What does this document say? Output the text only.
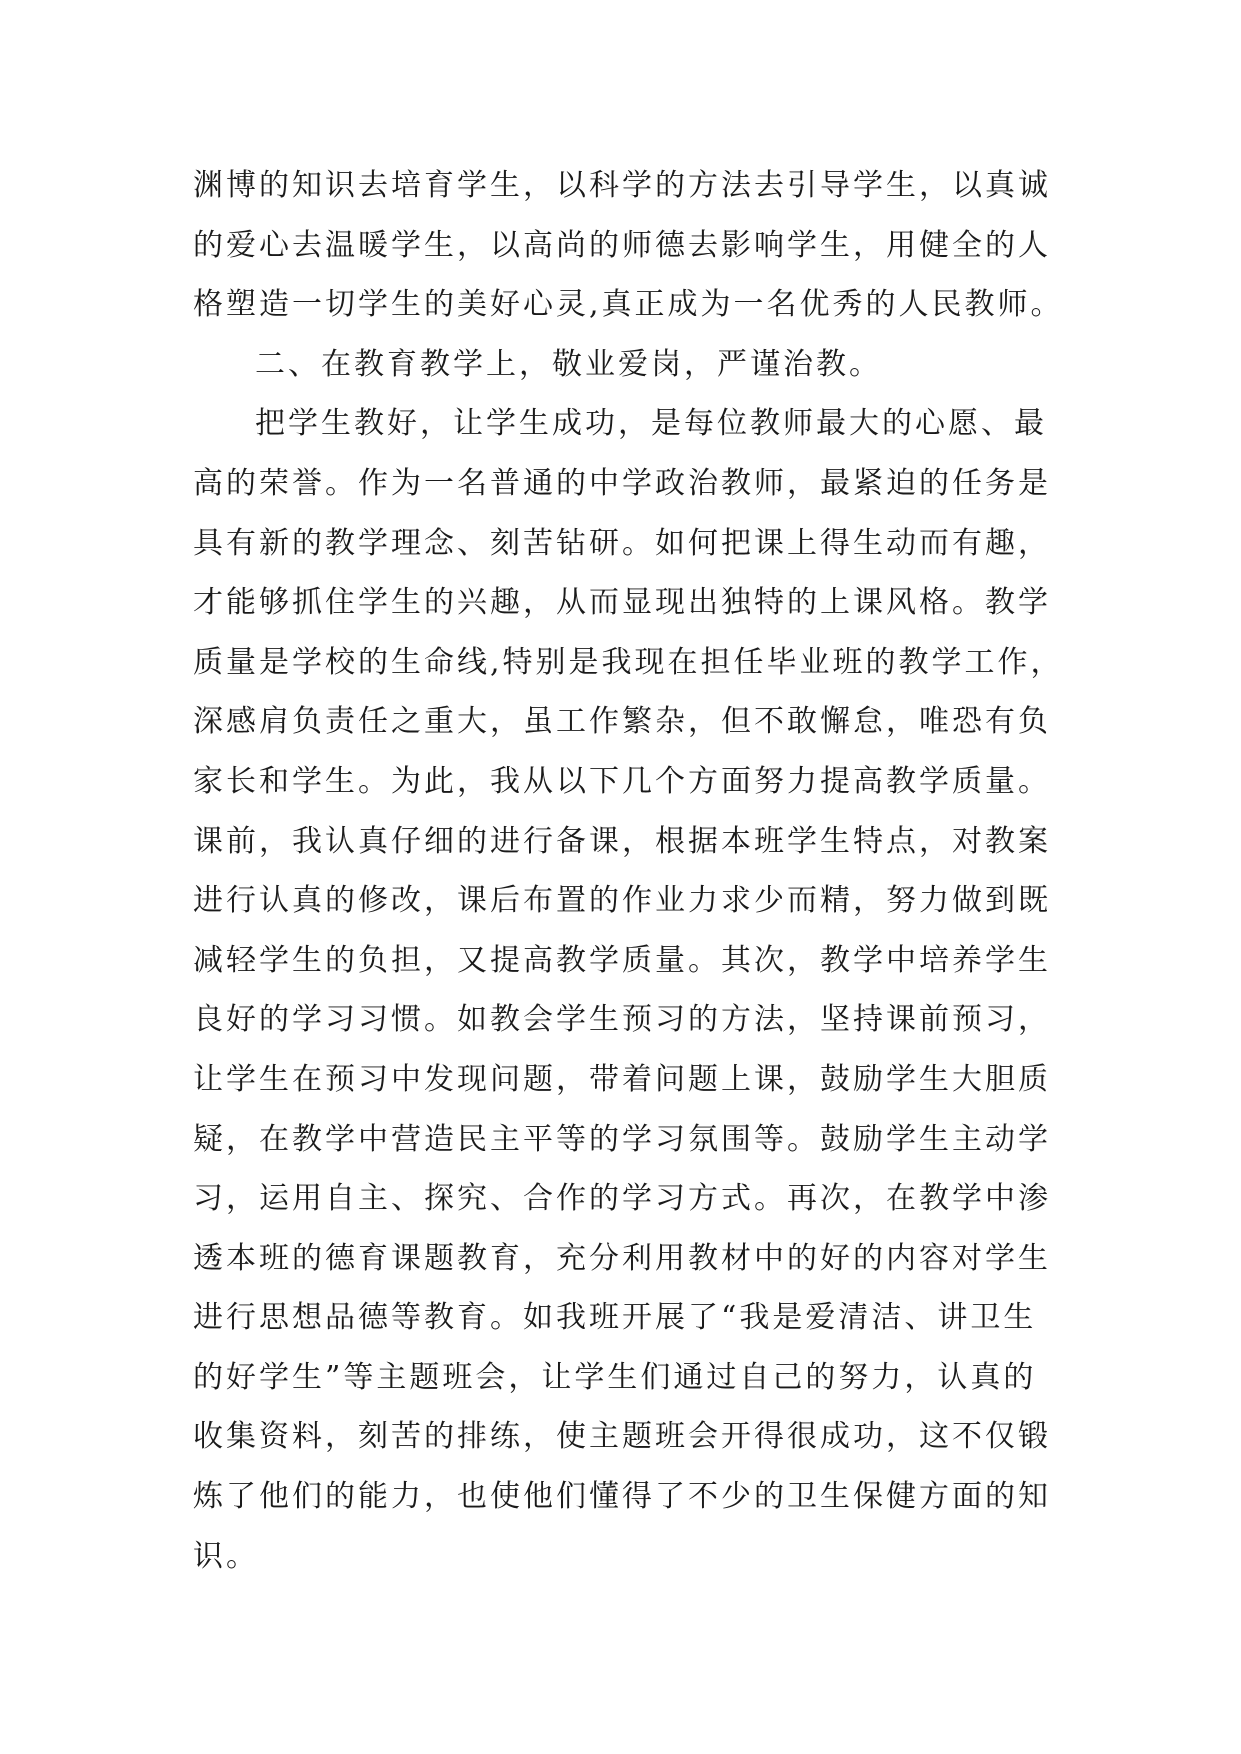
渊博的知识去培育学生，以科学的方法去引导学生，以真诚
的爱心去温暖学生，以高尚的师德去影响学生，用健全的人
格塑造一切学生的美好心灵,真正成为一名优秀的人民教师。
二、在教育教学上，敬业爱岗，严谨治教。
把学生教好，让学生成功，是每位教师最大的心愿、最
高的荣誉。作为一名普通的中学政治教师，最紧迫的任务是
具有新的教学理念、刻苦钻研。如何把课上得生动而有趣，
才能够抓住学生的兴趣，从而显现出独特的上课风格。教学
质量是学校的生命线,特别是我现在担任毕业班的教学工作，
深感肩负责任之重大，虽工作繁杂，但不敢懈怠，唯恐有负
家长和学生。为此，我从以下几个方面努力提高教学质量。
课前，我认真仔细的进行备课，根据本班学生特点，对教案
进行认真的修改，课后布置的作业力求少而精，努力做到既
减轻学生的负担，又提高教学质量。其次，教学中培养学生
良好的学习习惯。如教会学生预习的方法，坚持课前预习，
让学生在预习中发现问题，带着问题上课，鼓励学生大胆质
疑，在教学中营造民主平等的学习氛围等。鼓励学生主动学
习，运用自主、探究、合作的学习方式。再次，在教学中渗
透本班的德育课题教育，充分利用教材中的好的内容对学生
进行思想品德等教育。如我班开展了“我是爱清洁、讲卫生
的好学生”等主题班会，让学生们通过自己的努力，认真的
收集资料，刻苦的排练，使主题班会开得很成功，这不仅锻
炼了他们的能力，也使他们懂得了不少的卫生保健方面的知
识。
